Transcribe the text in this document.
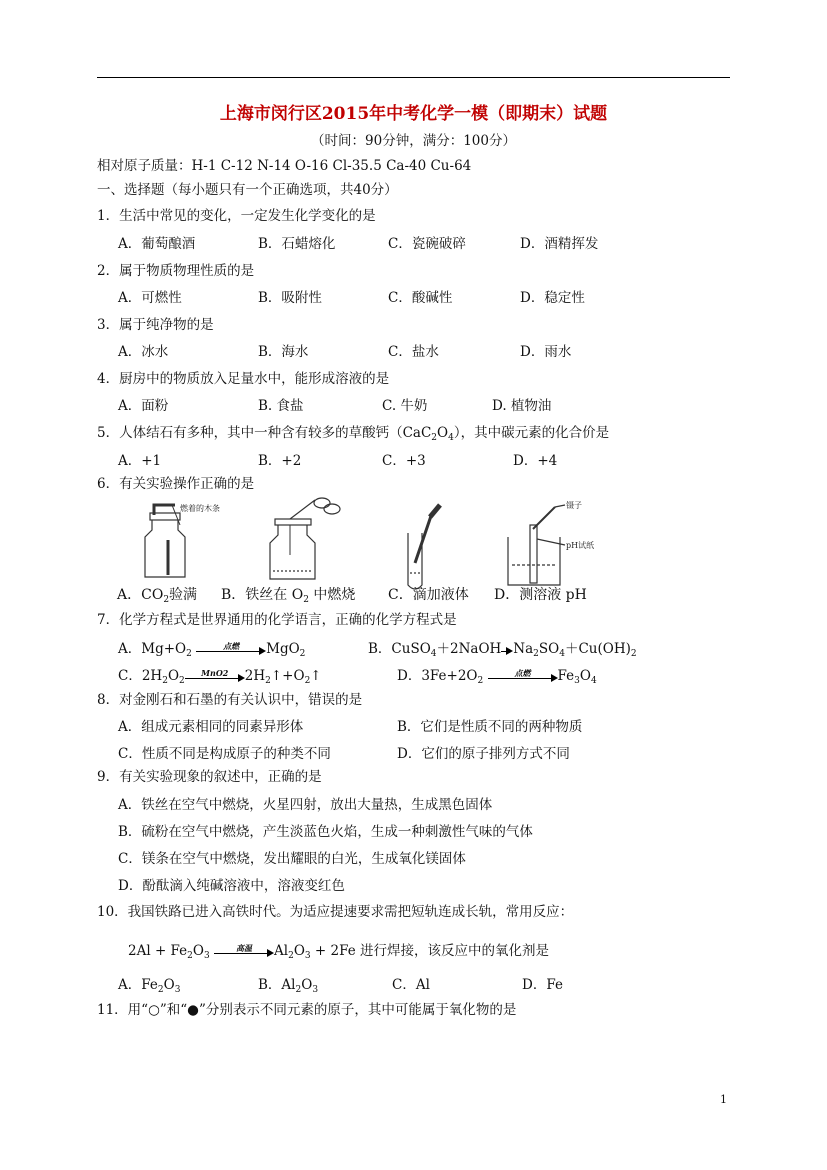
上海市闵行区2015年中考化学一模（即期末）试题
（时间：90分钟，满分：100分）
相对原子质量：H-1 C-12 N-14 O-16 Cl-35.5 Ca-40 Cu-64
一、选择题（每小题只有一个正确选项，共40分）
1．生活中常见的变化，一定发生化学变化的是
A．葡萄酿酒	B．石蜡熔化	C．瓷碗破碎	D．酒精挥发
2．属于物质物理性质的是
A．可燃性	B．吸附性	C．酸碱性	D．稳定性
3．属于纯净物的是
A．冰水	B．海水	C．盐水	D．雨水
4．厨房中的物质放入足量水中，能形成溶液的是
A．面粉	B. 食盐	C. 牛奶	D. 植物油
5．人体结石有多种，其中一种含有较多的草酸钙$(CaC_2O_4)$，其中碳元素的化合价是
A．+1	B．+2	C．+3	D．+4
6．有关实验操作正确的是
燃着的木条	镊子
pH试纸
A．$CO_2$验满 B．铁丝在 $O_2$ 中燃烧 C．滴加液体 D．测溶液 pH
7．化学方程式是世界通用的化学语言，正确的化学方程式是
A．$Mg+O_2$
点燃	MgO$_2$	B．CuSO$_4$＋2NaOH $Na_2SO_4+Cu(OH)_2$
C．$2H_2O_2$
MnO2	$2H_2↑+O_2↑$	D．$3Fe+2O_2$
点燃	$Fe_3O_4$
8．对金刚石和石墨的有关认识中，错误的是
A．组成元素相同的同素异形体	B．它们是性质不同的两种物质
C．性质不同是构成原子的种类不同	D．它们的原子排列方式不同
9．有关实验现象的叙述中，正确的是
A．铁丝在空气中燃烧，火星四射，放出大量热，生成黑色固体
B．硫粉在空气中燃烧，产生淡蓝色火焰，生成一种刺激性气味的气体
C．镁条在空气中燃烧，发出耀眼的白光，生成氧化镁固体
D．酚酞滴入纯碱溶液中，溶液变红色
10．我国铁路已进入高铁时代。为适应提速要求需把短轨连成长轨，常用反应：
$2Al + Fe_2O_3$
高温	$Al_2O_3 + 2Fe$ 进行焊接，该反应中的氧化剂是
A．$Fe_2O_3$	B．$Al_2O_3$	C．Al	D．Fe
11．用“○”和“●”分别表示不同元素的原子，其中可能属于氧化物的是
1
